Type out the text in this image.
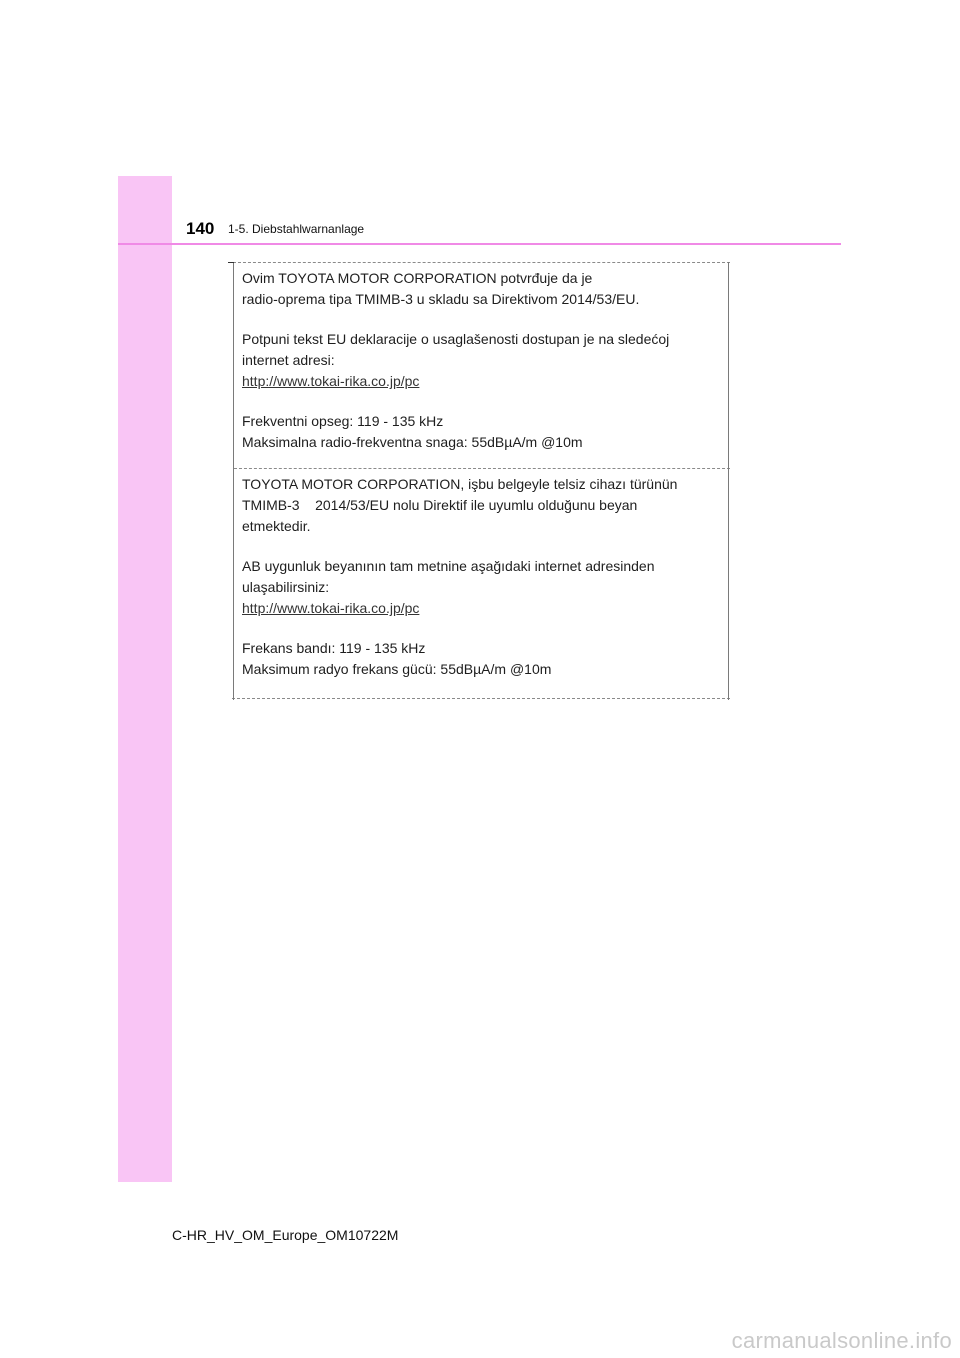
140 1-5. Diebstahlwarnanlage

Ovim TOYOTA MOTOR CORPORATION potvrđuje da je

radio-oprema tipa TMIMB-3 u skladu sa Direktivom 2014/53/EU.

Potpuni tekst EU deklaracije o usaglašenosti dostupan je na sledećoj

internet adresi:

http://www.tokai-rika.co.jp/pc

Frekventni opseg: 119 - 135 kHz

Maksimalna radio-frekventna snaga: 55dBµA/m @10m

TOYOTA MOTOR CORPORATION, işbu belgeyle telsiz cihazı türünün

TMIMB-3    2014/53/EU nolu Direktif ile uyumlu olduğunu beyan

etmektedir.

AB uygunluk beyanının tam metnine aşağıdaki internet adresinden

ulaşabilirsiniz:

http://www.tokai-rika.co.jp/pc

Frekans bandı: 119 - 135 kHz

Maksimum radyo frekans gücü: 55dBµA/m @10m

C-HR_HV_OM_Europe_OM10722M
carmanualsonline.info
